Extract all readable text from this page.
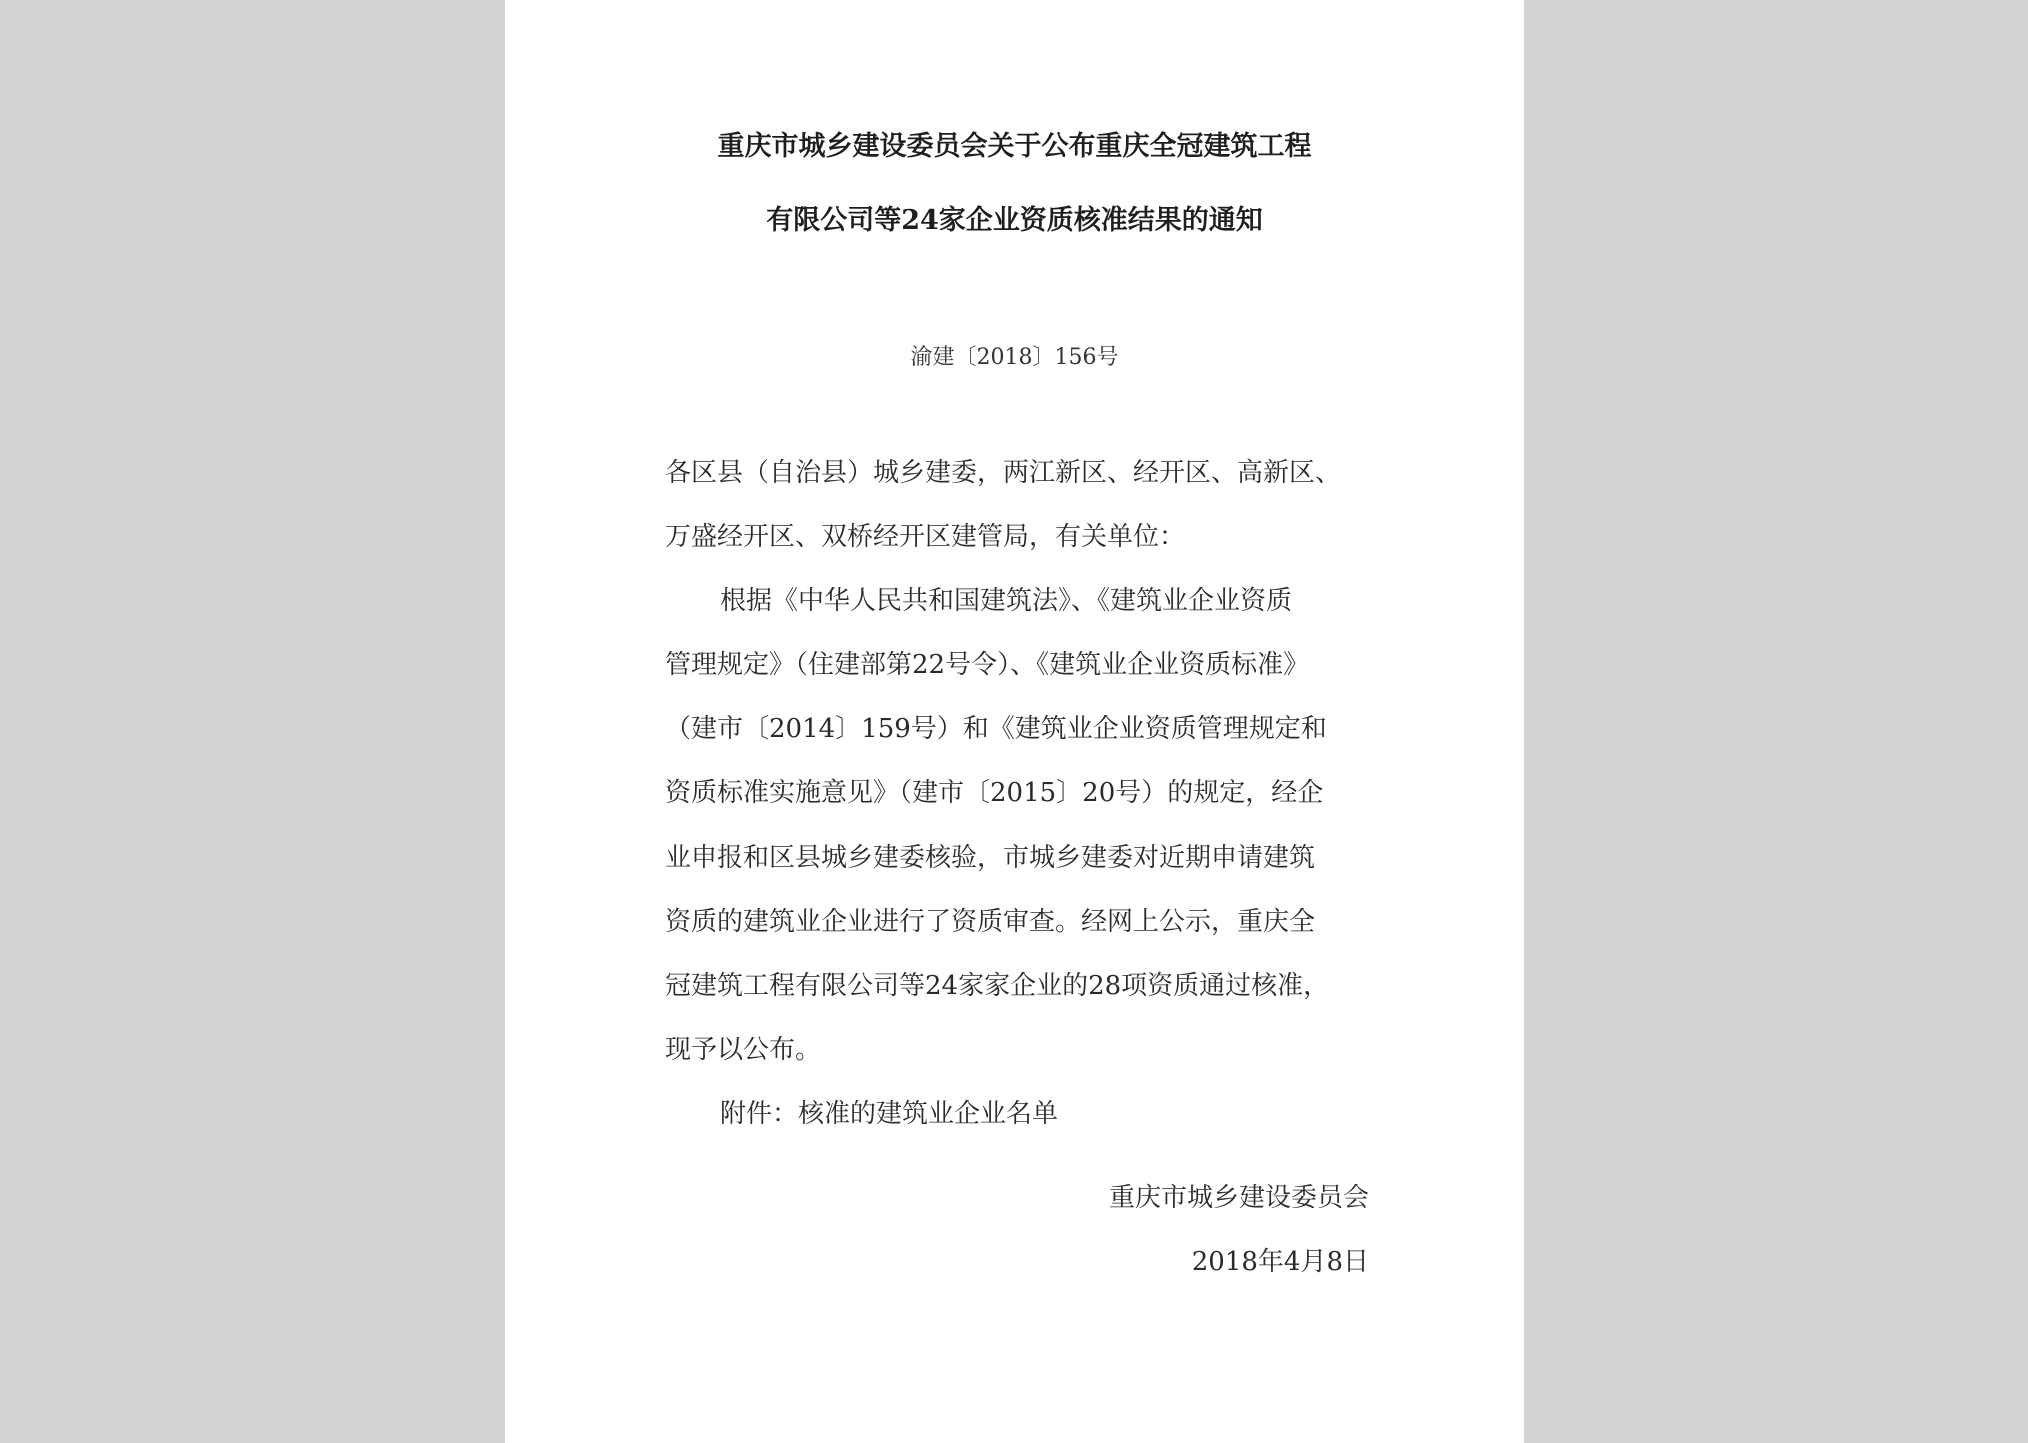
重庆市城乡建设委员会关于公布重庆全冠建筑工程
有限公司等24家企业资质核准结果的通知
渝建〔2018〕156号
各区县（自治县）城乡建委，两江新区、经开区、高新区、
万盛经开区、双桥经开区建管局，有关单位：
根据《中华人民共和国建筑法》、《建筑业企业资质
管理规定》（住建部第22号令）、《建筑业企业资质标准》
（建市〔2014〕159号）和《建筑业企业资质管理规定和
资质标准实施意见》（建市〔2015〕20号）的规定，经企
业申报和区县城乡建委核验，市城乡建委对近期申请建筑
资质的建筑业企业进行了资质审查。经网上公示，重庆全
冠建筑工程有限公司等24家家企业的28项资质通过核准，
现予以公布。
附件：核准的建筑业企业名单
重庆市城乡建设委员会
2018年4月8日
